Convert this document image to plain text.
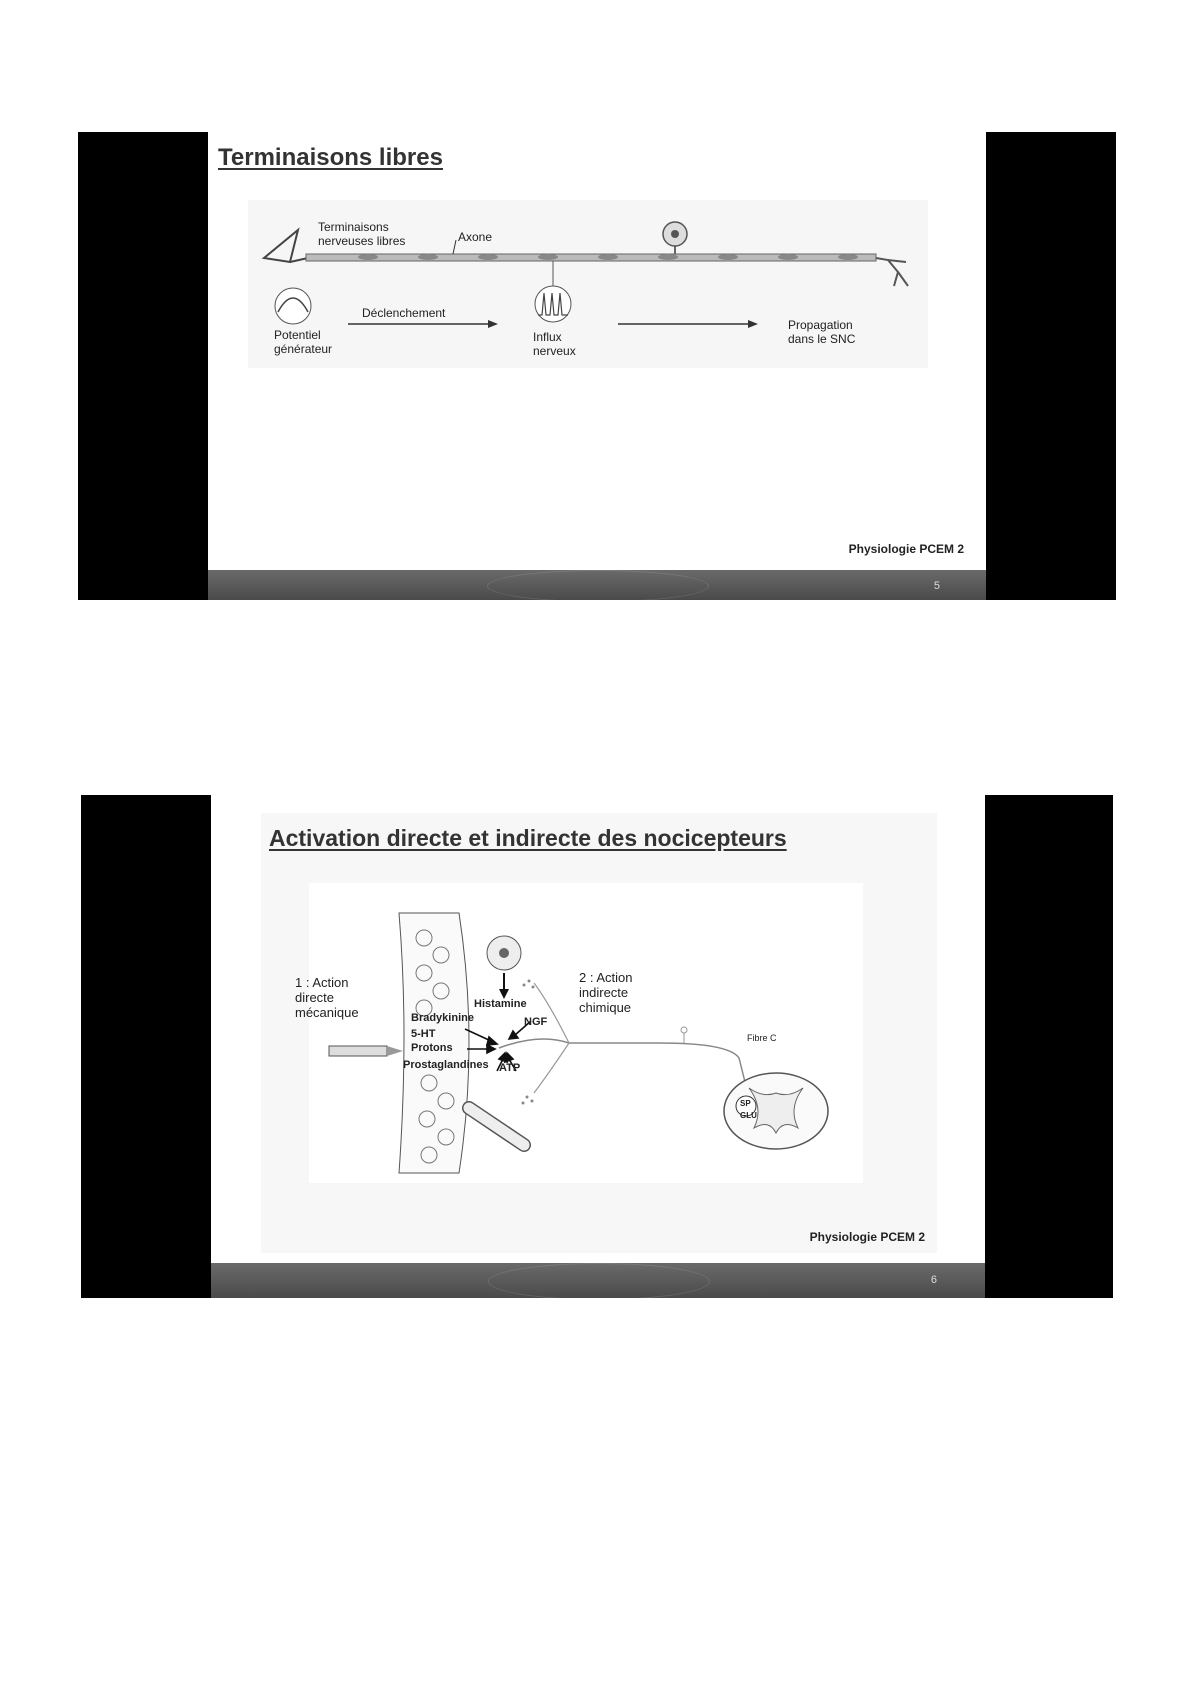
Terminaisons libres
Terminaisons
nerveuses libres	Axone
Potentiel
générateur
Déclenchement
Influx
nerveux
Propagation
dans le SNC
Physiologie PCEM 2
5
Activation directe et indirecte des nocicepteurs
1 : Action
directe
mécanique
2 : Action
indirecte
chimique
Histamine
NGF
Bradykinine
5-HT
Protons
Prostaglandines ATP
Fibre C
SP
GLU
Physiologie PCEM 2
6
